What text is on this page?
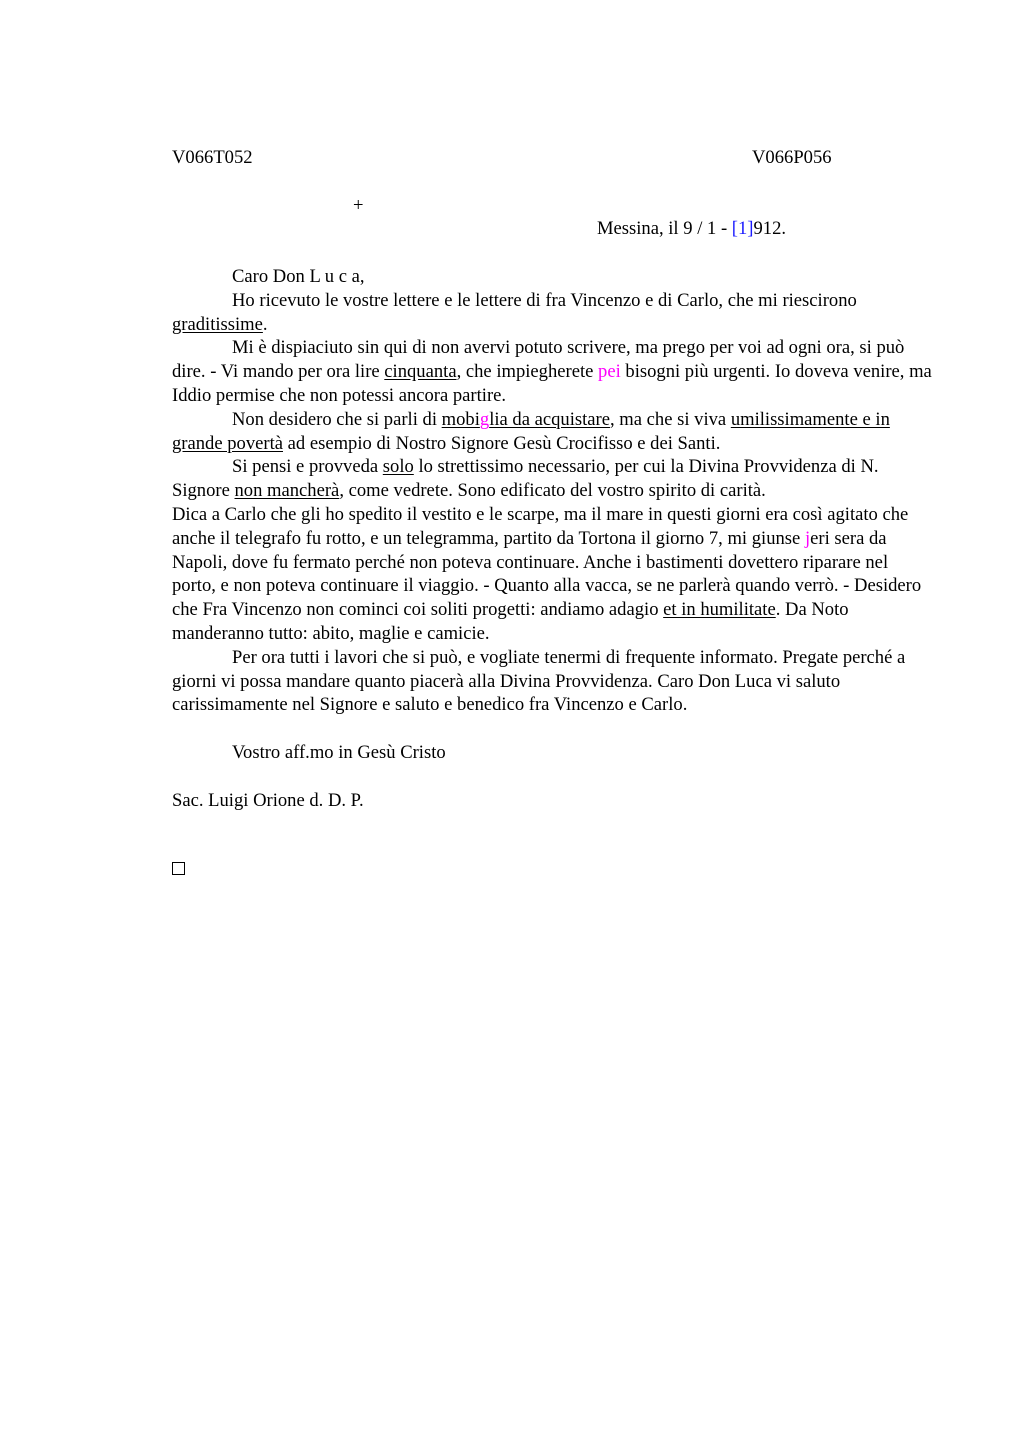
V066T052	V066P056
+
Messina, il 9 / 1 - [1]912.

Caro Don L u c a,

Ho ricevuto le vostre lettere e le lettere di fra Vincenzo e di Carlo, che mi riescirono graditissime.

Mi è dispiaciuto sin qui di non avervi potuto scrivere, ma prego per voi ad ogni ora, si può dire. - Vi mando per ora lire cinquanta, che impiegherete pei bisogni più urgenti. Io doveva venire, ma Iddio permise che non potessi ancora partire.

Non desidero che si parli di mobiglia da acquistare, ma che si viva umilissimamente e in grande povertà ad esempio di Nostro Signore Gesù Crocifisso e dei Santi.

Si pensi e provveda solo lo strettissimo necessario, per cui la Divina Provvidenza di N. Signore non mancherà, come vedrete. Sono edificato del vostro spirito di carità.

Dica a Carlo che gli ho spedito il vestito e le scarpe, ma il mare in questi giorni era così agitato che anche il telegrafo fu rotto, e un telegramma, partito da Tortona il giorno 7, mi giunse jeri sera da Napoli, dove fu fermato perché non poteva continuare. Anche i bastimenti dovettero riparare nel porto, e non poteva continuare il viaggio. - Quanto alla vacca, se ne parlerà quando verrò. - Desidero che Fra Vincenzo non cominci coi soliti progetti: andiamo adagio et in humilitate. Da Noto manderanno tutto: abito, maglie e camicie.

Per ora tutti i lavori che si può, e vogliate tenermi di frequente informato. Pregate perché a giorni vi possa mandare quanto piacerà alla Divina Provvidenza. Caro Don Luca vi saluto carissimamente nel Signore e saluto e benedico fra Vincenzo e Carlo.

Vostro aff.mo in Gesù Cristo

Sac. Luigi Orione d. D. P.
